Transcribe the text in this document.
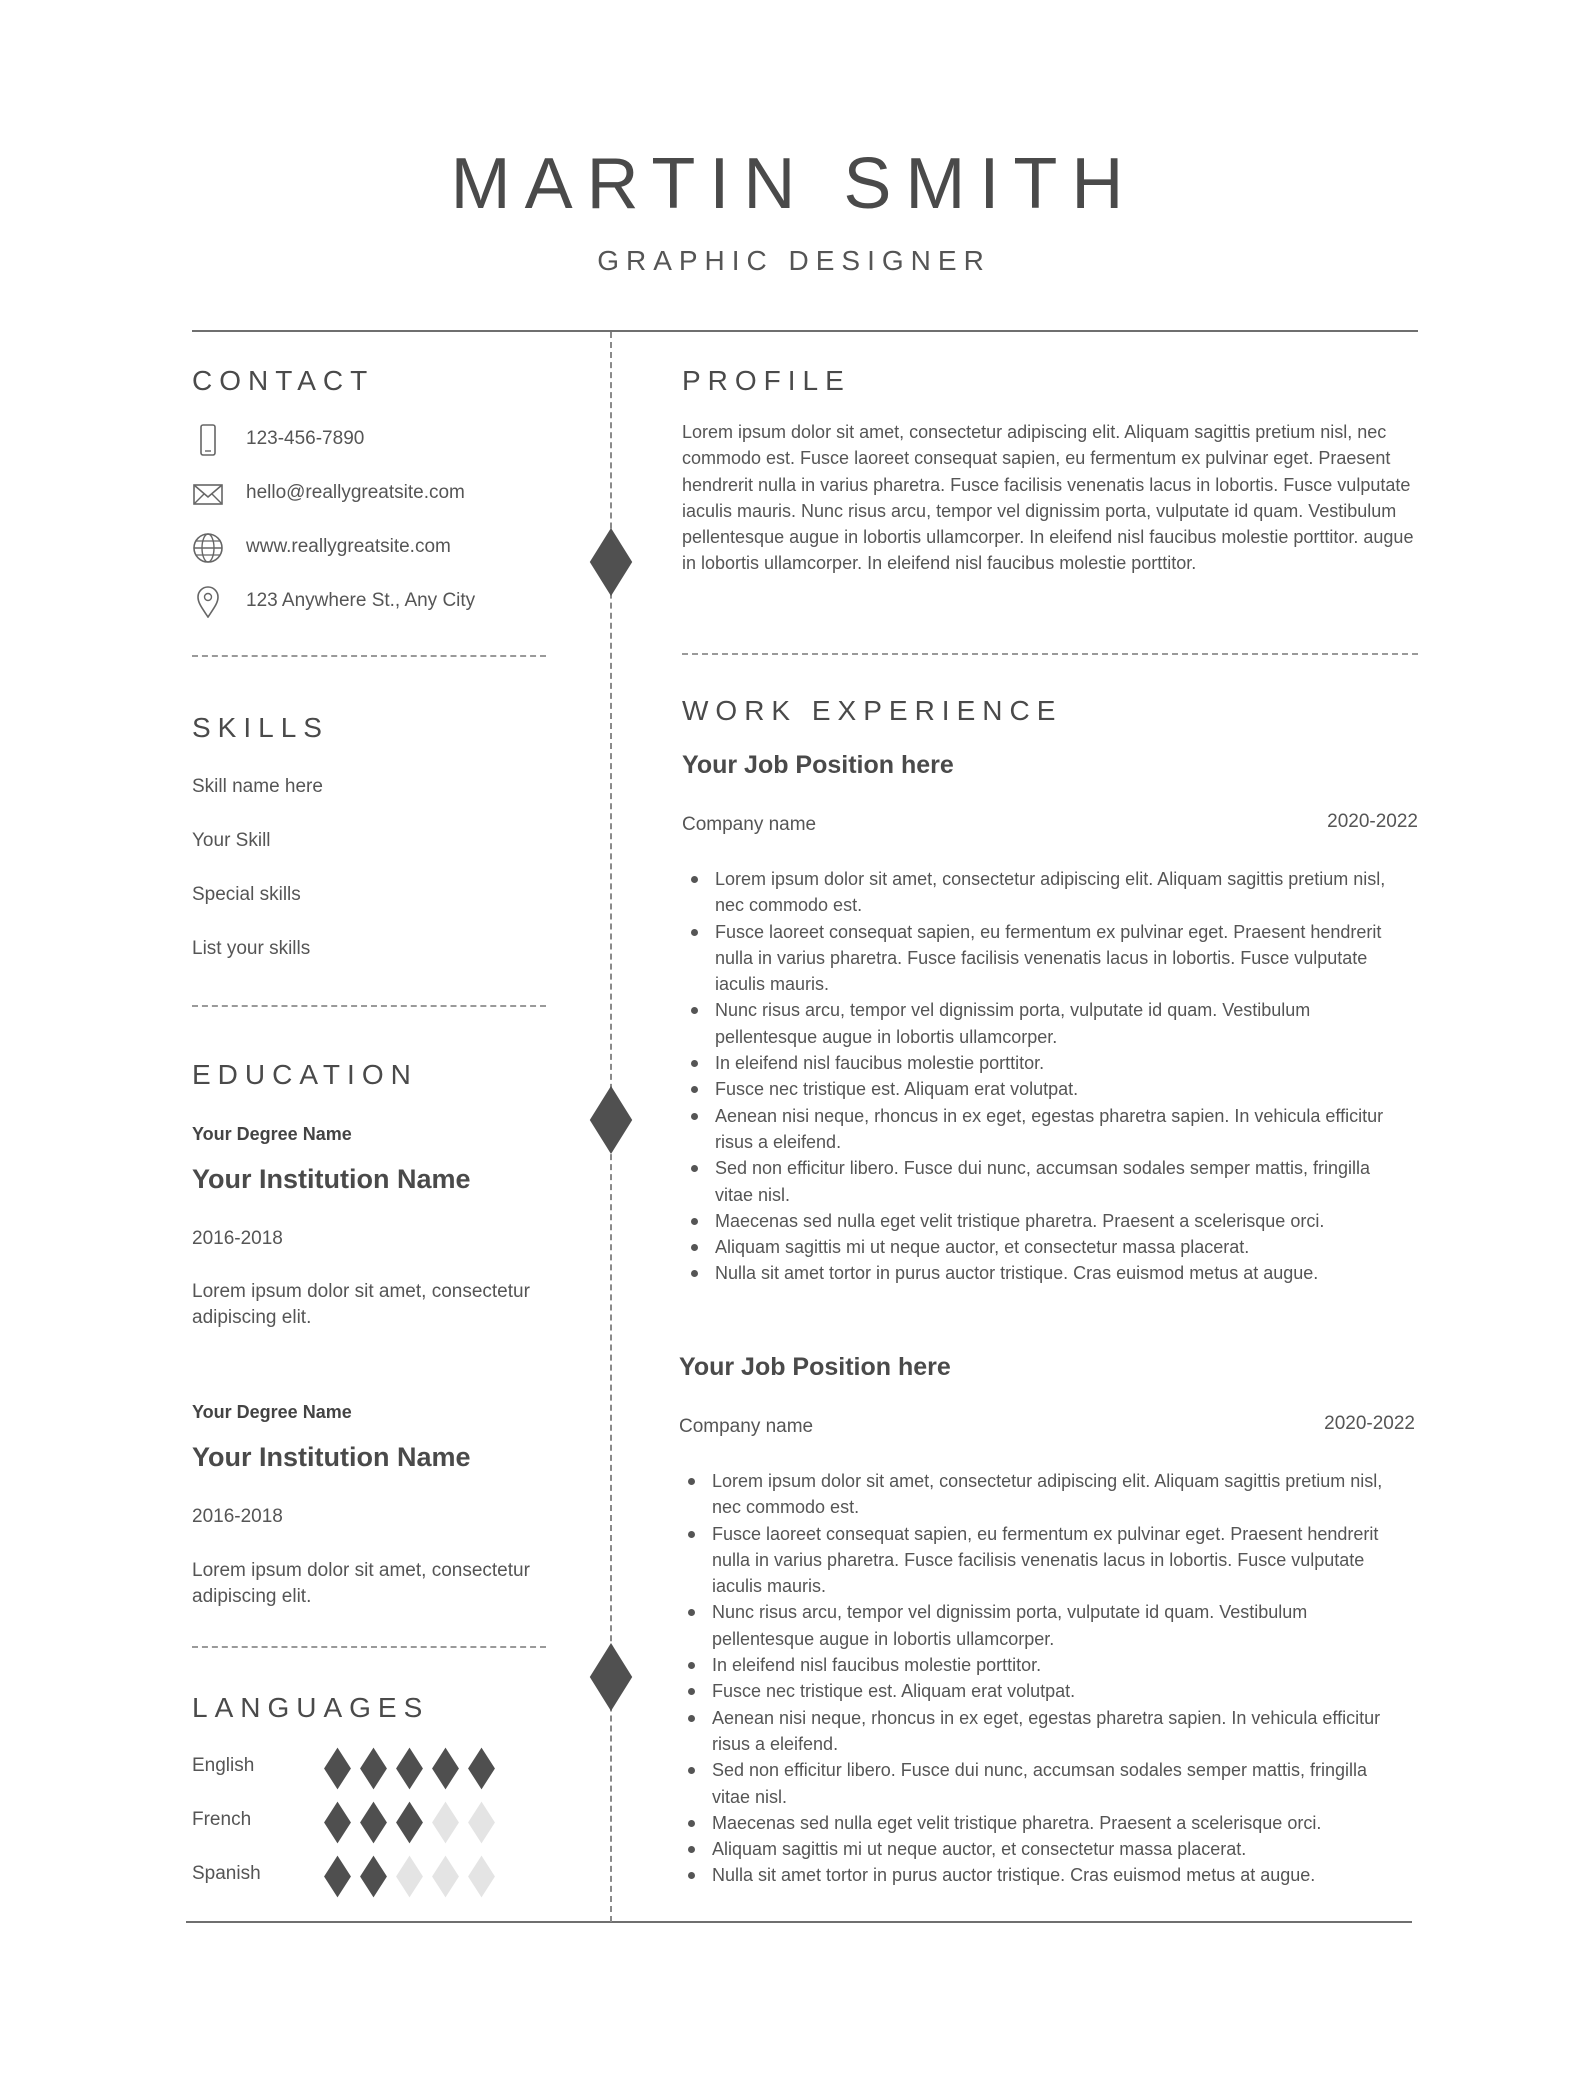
MARTIN SMITH
GRAPHIC DESIGNER
CONTACT
123-456-7890
hello@reallygreatsite.com
www.reallygreatsite.com
123 Anywhere St., Any City
SKILLS
Skill name here
Your Skill
Special skills
List your skills
EDUCATION
Your Degree Name
Your Institution Name
2016-2018
Lorem ipsum dolor sit amet, consectetur adipiscing elit.
Your Degree Name
Your Institution Name
2016-2018
Lorem ipsum dolor sit amet, consectetur adipiscing elit.
LANGUAGES
English
French
Spanish
PROFILE
Lorem ipsum dolor sit amet, consectetur adipiscing elit. Aliquam sagittis pretium nisl, nec commodo est. Fusce laoreet consequat sapien, eu fermentum ex pulvinar eget. Praesent hendrerit nulla in varius pharetra. Fusce facilisis venenatis lacus in lobortis. Fusce vulputate iaculis mauris. Nunc risus arcu, tempor vel dignissim porta, vulputate id quam. Vestibulum pellentesque augue in lobortis ullamcorper. In eleifend nisl faucibus molestie porttitor. augue in lobortis ullamcorper. In eleifend nisl faucibus molestie porttitor.
WORK EXPERIENCE
Your Job Position here
Company name	2020-2022
Lorem ipsum dolor sit amet, consectetur adipiscing elit. Aliquam sagittis pretium nisl, nec commodo est.
Fusce laoreet consequat sapien, eu fermentum ex pulvinar eget. Praesent hendrerit nulla in varius pharetra. Fusce facilisis venenatis lacus in lobortis. Fusce vulputate iaculis mauris.
Nunc risus arcu, tempor vel dignissim porta, vulputate id quam. Vestibulum pellentesque augue in lobortis ullamcorper.
In eleifend nisl faucibus molestie porttitor.
Fusce nec tristique est. Aliquam erat volutpat.
Aenean nisi neque, rhoncus in ex eget, egestas pharetra sapien. In vehicula efficitur risus a eleifend.
Sed non efficitur libero. Fusce dui nunc, accumsan sodales semper mattis, fringilla vitae nisl.
Maecenas sed nulla eget velit tristique pharetra. Praesent a scelerisque orci.
Aliquam sagittis mi ut neque auctor, et consectetur massa placerat.
Nulla sit amet tortor in purus auctor tristique. Cras euismod metus at augue.
Your Job Position here
Company name	2020-2022
Lorem ipsum dolor sit amet, consectetur adipiscing elit. Aliquam sagittis pretium nisl, nec commodo est.
Fusce laoreet consequat sapien, eu fermentum ex pulvinar eget. Praesent hendrerit nulla in varius pharetra. Fusce facilisis venenatis lacus in lobortis. Fusce vulputate iaculis mauris.
Nunc risus arcu, tempor vel dignissim porta, vulputate id quam. Vestibulum pellentesque augue in lobortis ullamcorper.
In eleifend nisl faucibus molestie porttitor.
Fusce nec tristique est. Aliquam erat volutpat.
Aenean nisi neque, rhoncus in ex eget, egestas pharetra sapien. In vehicula efficitur risus a eleifend.
Sed non efficitur libero. Fusce dui nunc, accumsan sodales semper mattis, fringilla vitae nisl.
Maecenas sed nulla eget velit tristique pharetra. Praesent a scelerisque orci.
Aliquam sagittis mi ut neque auctor, et consectetur massa placerat.
Nulla sit amet tortor in purus auctor tristique. Cras euismod metus at augue.
